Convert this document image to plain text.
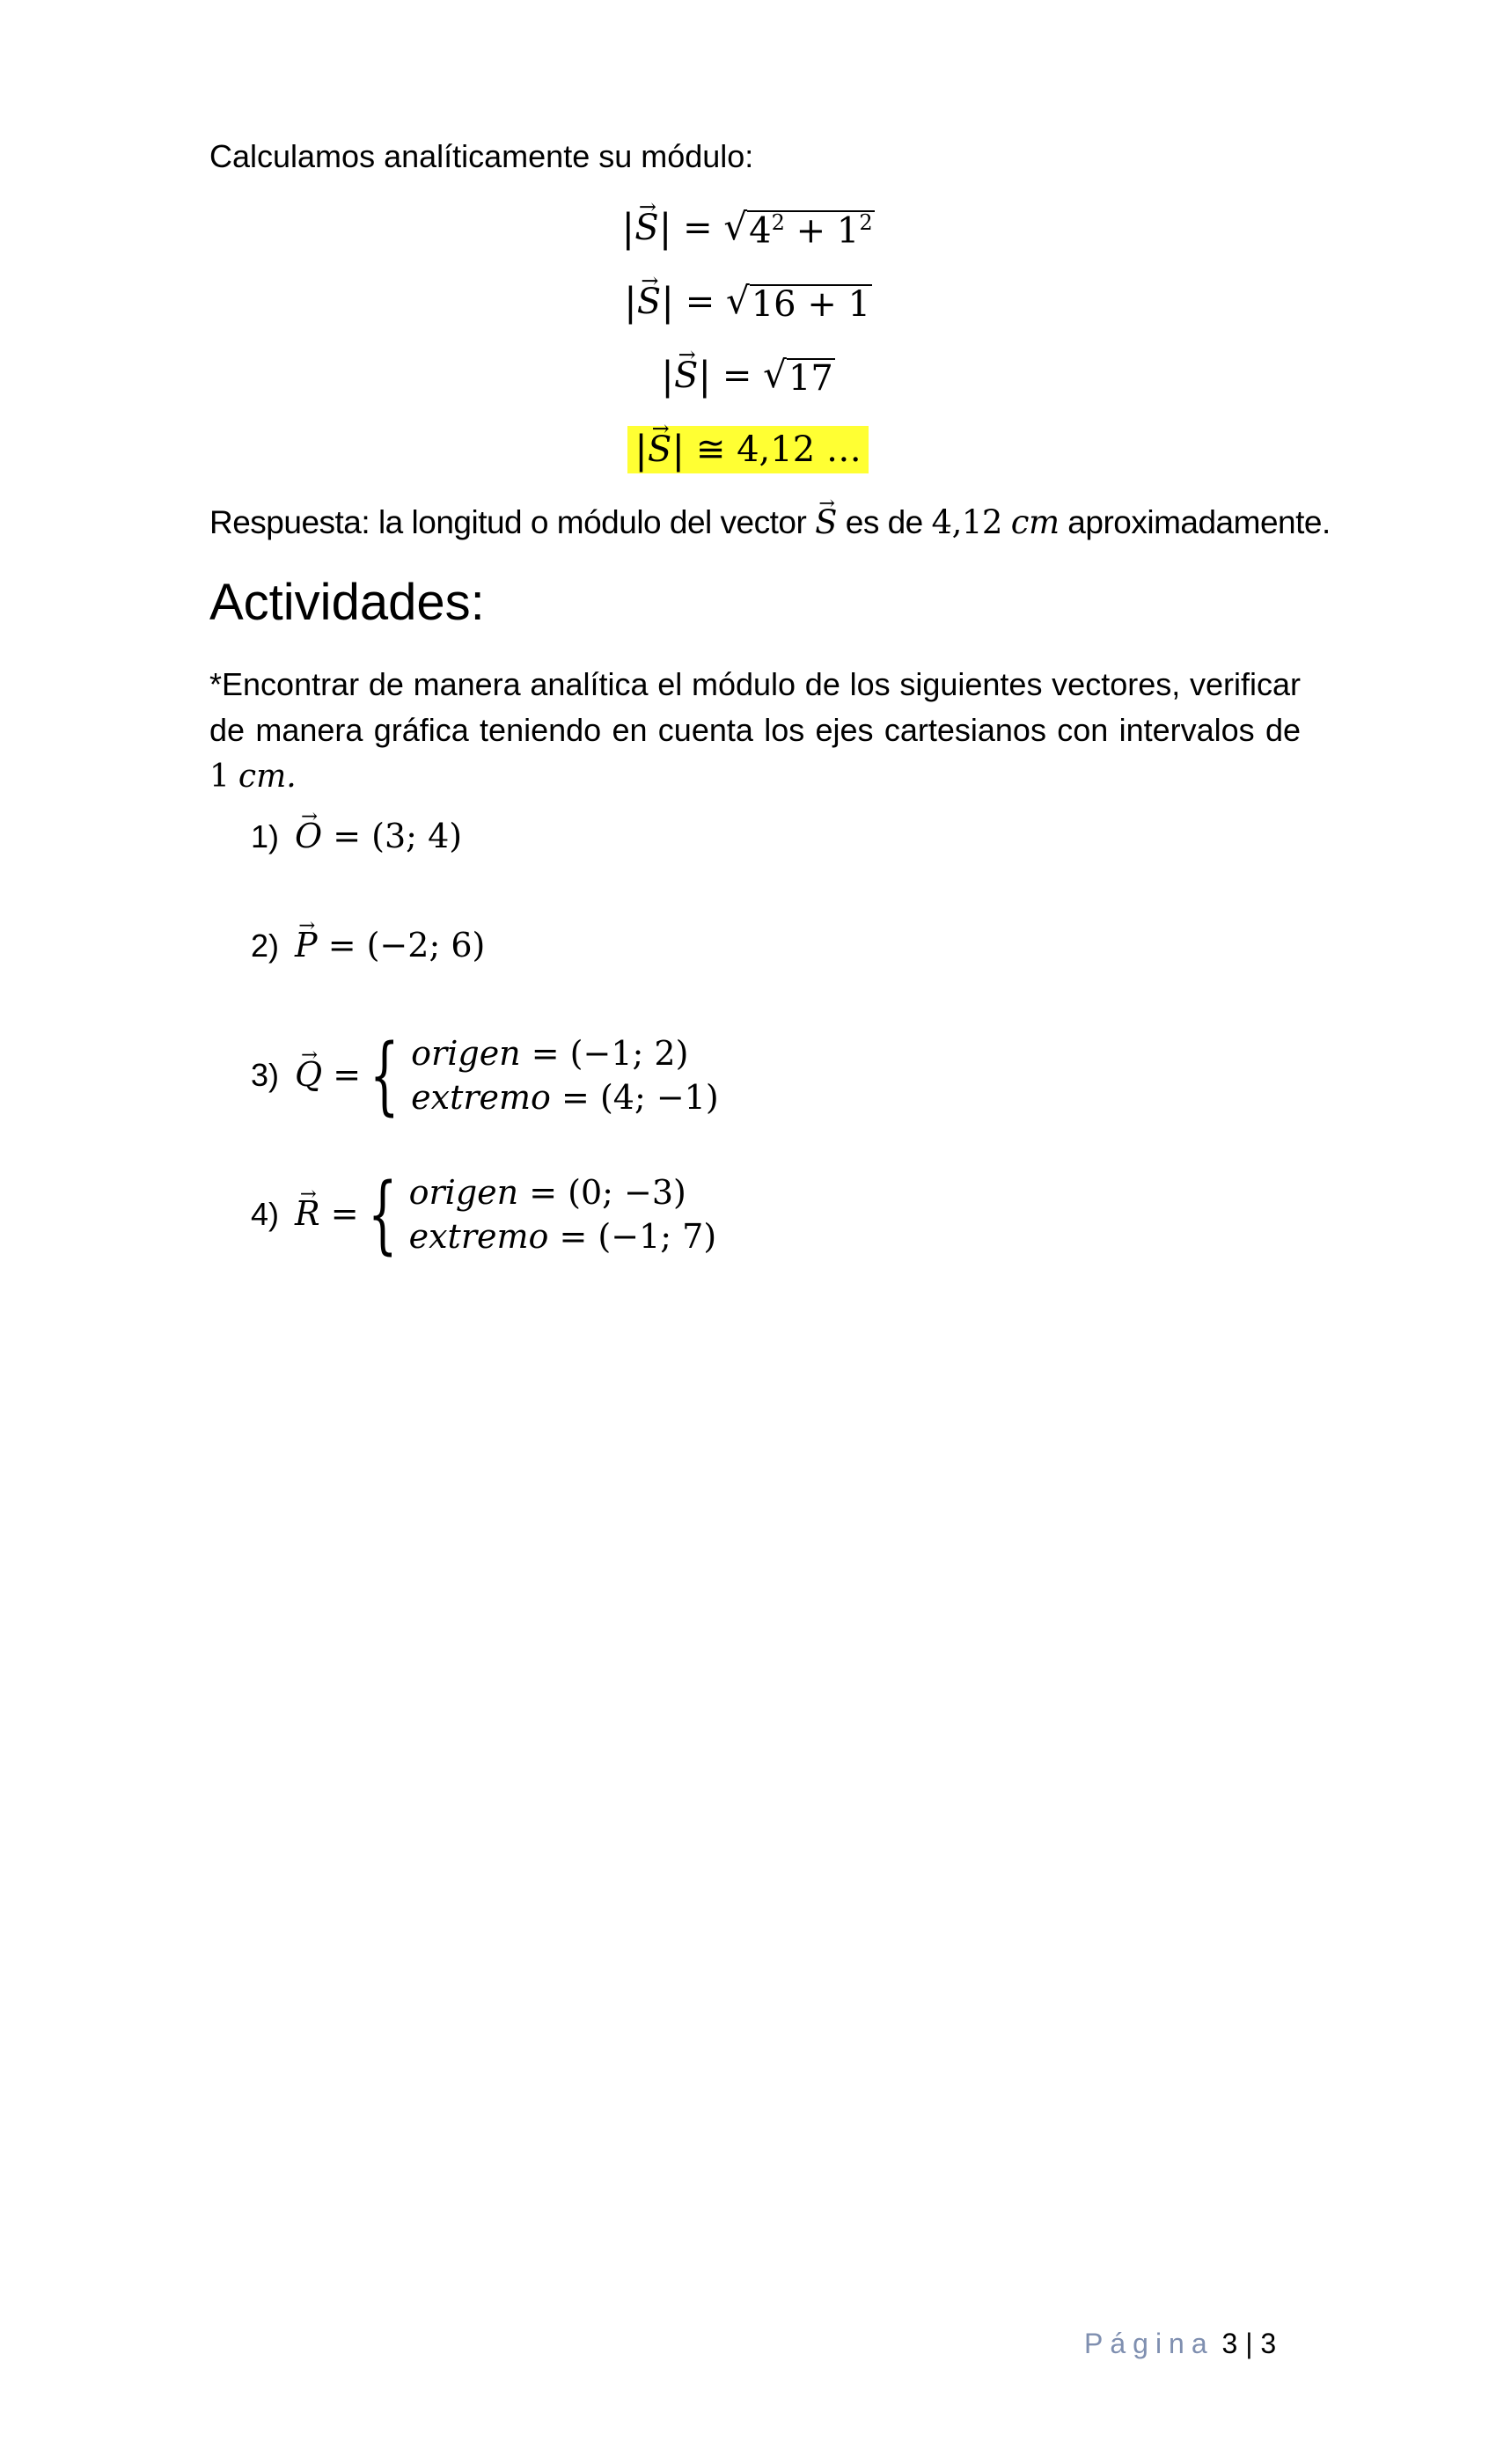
Calculamos analíticamente su módulo:
|→ S| = √ $4^2 + 1^2$
|→ S| = √ 16 + 1
|→ S| = √ 17
|→ S| ≅ 4,12 …
Respuesta: la longitud o módulo del vector → S es de 4,12 cm aproximadamente.
Actividades:
*Encontrar de manera analítica el módulo de los siguientes vectores, verificar de manera gráfica teniendo en cuenta los ejes cartesianos con intervalos de 1 cm.
1) → O = (3; 4)
2) → P = (−2; 6)
3) → Q = { origen = (−1; 2)
extremo = (4; −1)
4) → R = { origen = (0; −3)
extremo = (−1; 7)
Página 3 | 3
